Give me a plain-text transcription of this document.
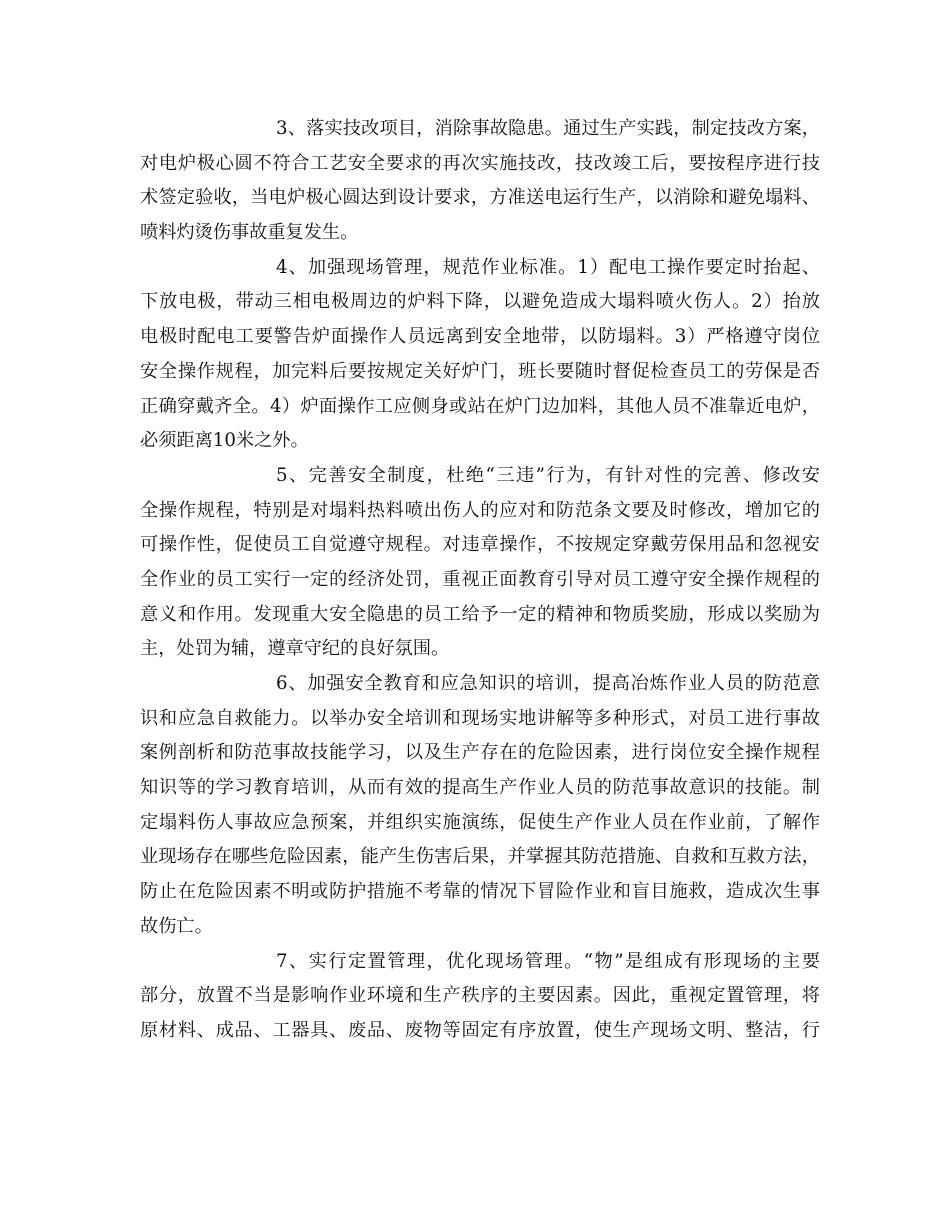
3、落实技改项目，消除事故隐患。通过生产实践，制定技改方案，
对电炉极心圆不符合工艺安全要求的再次实施技改，技改竣工后，要按程序进行技
术签定验收，当电炉极心圆达到设计要求，方准送电运行生产，以消除和避免塌料、
喷料灼烫伤事故重复发生。
4、加强现场管理，规范作业标准。1）配电工操作要定时抬起、
下放电极，带动三相电极周边的炉料下降，以避免造成大塌料喷火伤人。2）抬放
电极时配电工要警告炉面操作人员远离到安全地带，以防塌料。3）严格遵守岗位
安全操作规程，加完料后要按规定关好炉门，班长要随时督促检查员工的劳保是否
正确穿戴齐全。4）炉面操作工应侧身或站在炉门边加料，其他人员不准靠近电炉，
必须距离10米之外。
5、完善安全制度，杜绝“三违”行为，有针对性的完善、修改安
全操作规程，特别是对塌料热料喷出伤人的应对和防范条文要及时修改，增加它的
可操作性，促使员工自觉遵守规程。对违章操作，不按规定穿戴劳保用品和忽视安
全作业的员工实行一定的经济处罚，重视正面教育引导对员工遵守安全操作规程的
意义和作用。发现重大安全隐患的员工给予一定的精神和物质奖励，形成以奖励为
主，处罚为辅，遵章守纪的良好氛围。
6、加强安全教育和应急知识的培训，提高冶炼作业人员的防范意
识和应急自救能力。以举办安全培训和现场实地讲解等多种形式，对员工进行事故
案例剖析和防范事故技能学习，以及生产存在的危险因素，进行岗位安全操作规程
知识等的学习教育培训，从而有效的提高生产作业人员的防范事故意识的技能。制
定塌料伤人事故应急预案，并组织实施演练，促使生产作业人员在作业前，了解作
业现场存在哪些危险因素，能产生伤害后果，并掌握其防范措施、自救和互救方法，
防止在危险因素不明或防护措施不考靠的情况下冒险作业和盲目施救，造成次生事
故伤亡。
7、实行定置管理，优化现场管理。“物”是组成有形现场的主要
部分，放置不当是影响作业环境和生产秩序的主要因素。因此，重视定置管理，将
原材料、成品、工器具、废品、废物等固定有序放置，使生产现场文明、整洁，行
